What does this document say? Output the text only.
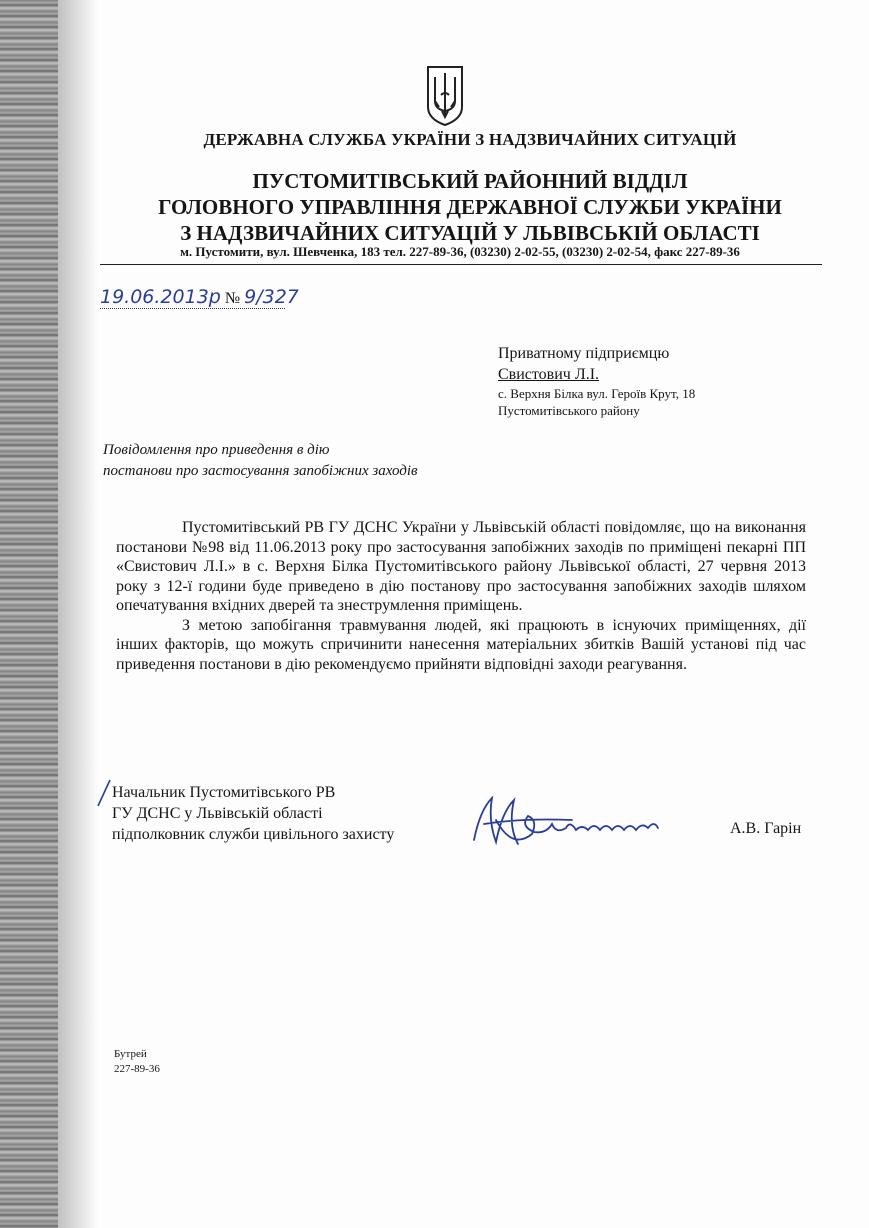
ДЕРЖАВНА СЛУЖБА УКРАЇНИ З НАДЗВИЧАЙНИХ СИТУАЦІЙ
ПУСТОМИТІВСЬКИЙ РАЙОННИЙ ВІДДІЛ
ГОЛОВНОГО УПРАВЛІННЯ ДЕРЖАВНОЇ СЛУЖБИ УКРАЇНИ
З НАДЗВИЧАЙНИХ СИТУАЦІЙ У ЛЬВІВСЬКІЙ ОБЛАСТІ
м. Пустомити, вул. Шевченка, 183 тел. 227-89-36, (03230) 2-02-55, (03230) 2-02-54, факс 227-89-36
19.06.2013р № 9/327
Приватному підприємцю
Свистович Л.І.
с. Верхня Білка вул. Героїв Крут, 18
Пустомитівського району
Повідомлення про приведення в дію
постанови про застосування запобіжних заходів

Пустомитівський РВ ГУ ДСНС України у Львівській області повідомляє, що на виконання постанови №98 від 11.06.2013 року про застосування запобіжних заходів по приміщені пекарні ПП «Свистович Л.І.» в с. Верхня Білка Пустомитівського району Львівської області, 27 червня 2013 року з 12-ї години буде приведено в дію постанову про застосування запобіжних заходів шляхом опечатування вхідних дверей та знеструмлення приміщень.

З метою запобігання травмування людей, які працюють в існуючих приміщеннях, дії інших факторів, що можуть спричинити нанесення матеріальних збитків Вашій установі під час приведення постанови в дію рекомендуємо прийняти відповідні заходи реагування.

Начальник Пустомитівського РВ
ГУ ДСНС у Львівській області
підполковник служби цивільного захисту	А.В. Гарін
Бутрей
227-89-36
